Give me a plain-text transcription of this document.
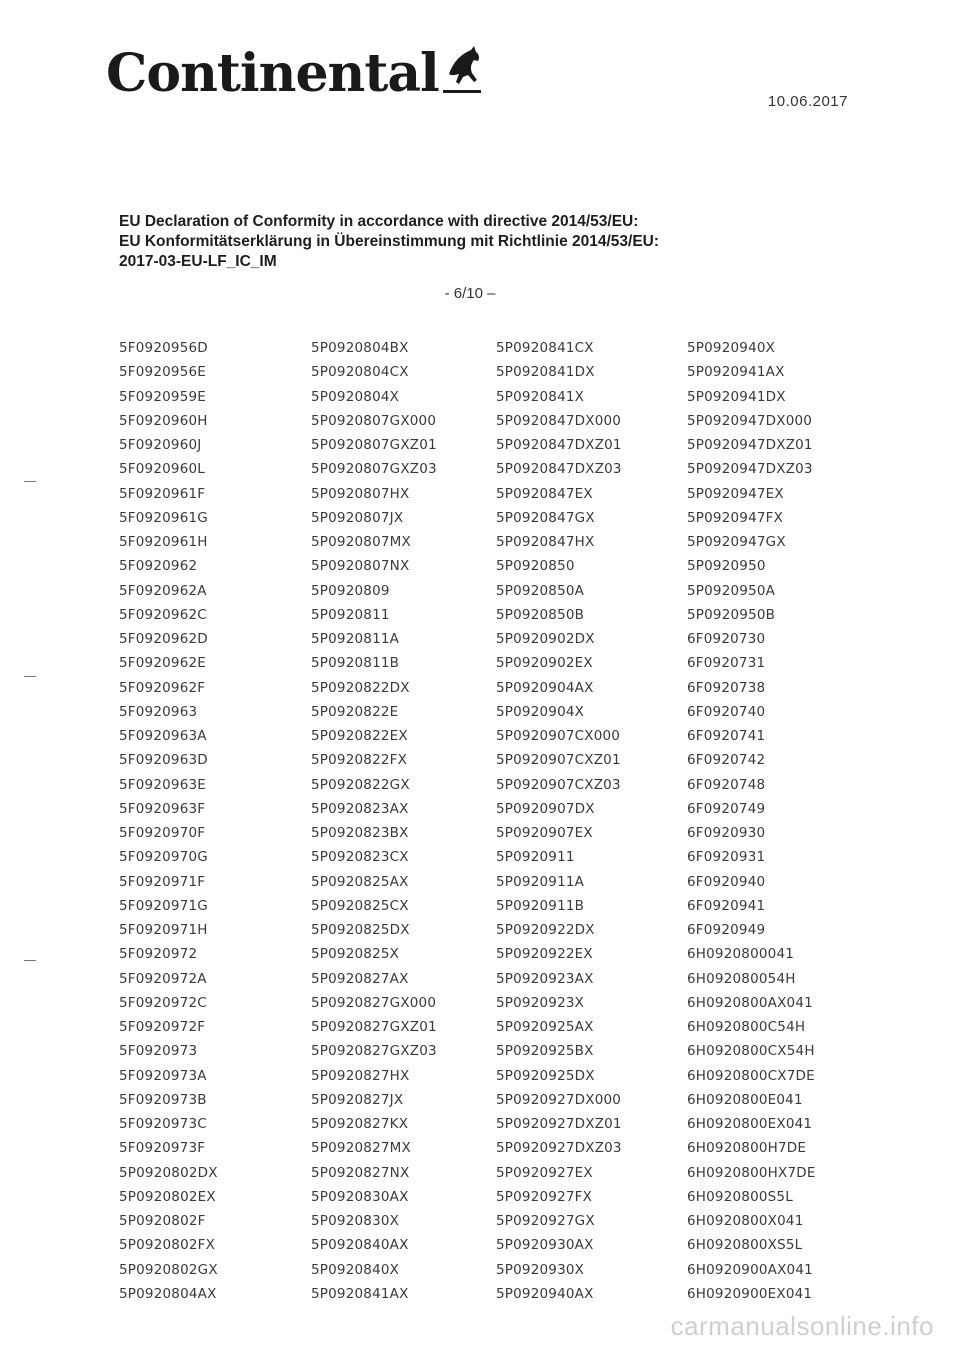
Continental	10.06.2017
EU Declaration of Conformity in accordance with directive 2014/53/EU:
EU Konformitätserklärung in Übereinstimmung mit Richtlinie 2014/53/EU:
2017-03-EU-LF_IC_IM
- 6/10 –
5F0920956D
5F0920956E
5F0920959E
5F0920960H
5F0920960J
5F0920960L
5F0920961F
5F0920961G
5F0920961H
5F0920962
5F0920962A
5F0920962C
5F0920962D
5F0920962E
5F0920962F
5F0920963
5F0920963A
5F0920963D
5F0920963E
5F0920963F
5F0920970F
5F0920970G
5F0920971F
5F0920971G
5F0920971H
5F0920972
5F0920972A
5F0920972C
5F0920972F
5F0920973
5F0920973A
5F0920973B
5F0920973C
5F0920973F
5P0920802DX
5P0920802EX
5P0920802F
5P0920802FX
5P0920802GX
5P0920804AX
5P0920804BX
5P0920804CX
5P0920804X
5P0920807GX000
5P0920807GXZ01
5P0920807GXZ03
5P0920807HX
5P0920807JX
5P0920807MX
5P0920807NX
5P0920809
5P0920811
5P0920811A
5P0920811B
5P0920822DX
5P0920822E
5P0920822EX
5P0920822FX
5P0920822GX
5P0920823AX
5P0920823BX
5P0920823CX
5P0920825AX
5P0920825CX
5P0920825DX
5P0920825X
5P0920827AX
5P0920827GX000
5P0920827GXZ01
5P0920827GXZ03
5P0920827HX
5P0920827JX
5P0920827KX
5P0920827MX
5P0920827NX
5P0920830AX
5P0920830X
5P0920840AX
5P0920840X
5P0920841AX
5P0920841CX
5P0920841DX
5P0920841X
5P0920847DX000
5P0920847DXZ01
5P0920847DXZ03
5P0920847EX
5P0920847GX
5P0920847HX
5P0920850
5P0920850A
5P0920850B
5P0920902DX
5P0920902EX
5P0920904AX
5P0920904X
5P0920907CX000
5P0920907CXZ01
5P0920907CXZ03
5P0920907DX
5P0920907EX
5P0920911
5P0920911A
5P0920911B
5P0920922DX
5P0920922EX
5P0920923AX
5P0920923X
5P0920925AX
5P0920925BX
5P0920925DX
5P0920927DX000
5P0920927DXZ01
5P0920927DXZ03
5P0920927EX
5P0920927FX
5P0920927GX
5P0920930AX
5P0920930X
5P0920940AX
5P0920940X
5P0920941AX
5P0920941DX
5P0920947DX000
5P0920947DXZ01
5P0920947DXZ03
5P0920947EX
5P0920947FX
5P0920947GX
5P0920950
5P0920950A
5P0920950B
6F0920730
6F0920731
6F0920738
6F0920740
6F0920741
6F0920742
6F0920748
6F0920749
6F0920930
6F0920931
6F0920940
6F0920941
6F0920949
6H0920800041
6H092080054H
6H0920800AX041
6H0920800C54H
6H0920800CX54H
6H0920800CX7DE
6H0920800E041
6H0920800EX041
6H0920800H7DE
6H0920800HX7DE
6H0920800S5L
6H0920800X041
6H0920800XS5L
6H0920900AX041
6H0920900EX041
carmanualsonline.info
